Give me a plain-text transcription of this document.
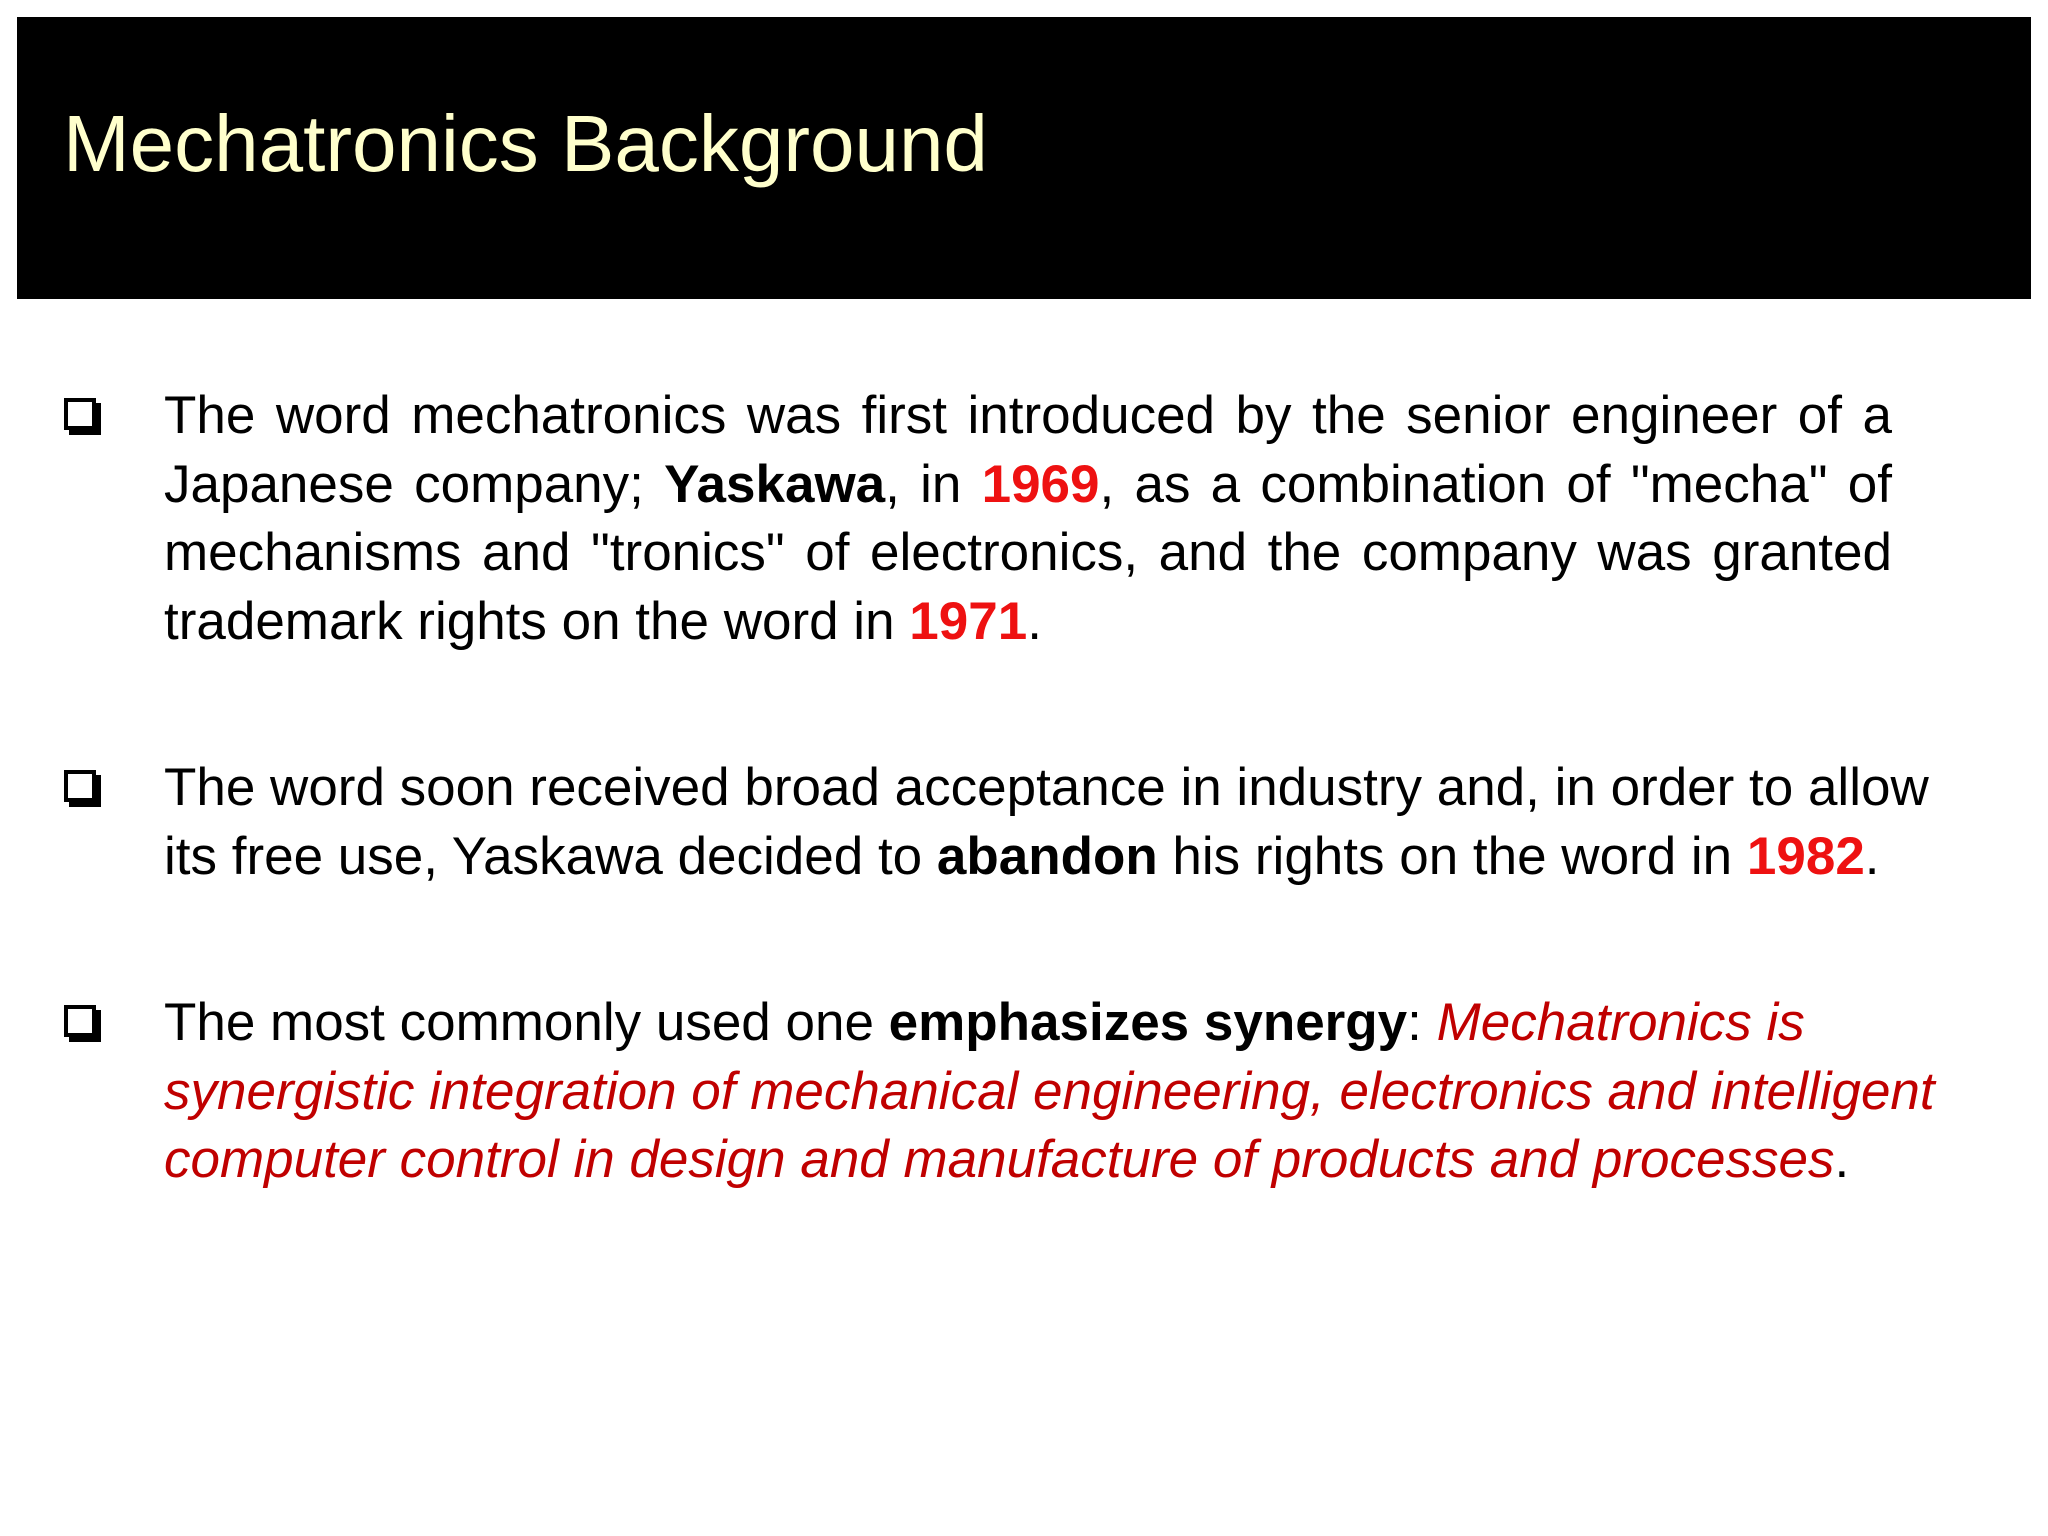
Mechatronics Background
The word mechatronics was first introduced by the senior engineer of a Japanese company; Yaskawa, in 1969, as a combination of "mecha" of mechanisms and "tronics" of electronics, and the company was granted trademark rights on the word in 1971.
The word soon received broad acceptance in industry and, in order to allow its free use, Yaskawa decided to abandon his rights on the word in 1982.
The most commonly used one emphasizes synergy: Mechatronics is synergistic integration of mechanical engineering, electronics and intelligent computer control in design and manufacture of products and processes.
